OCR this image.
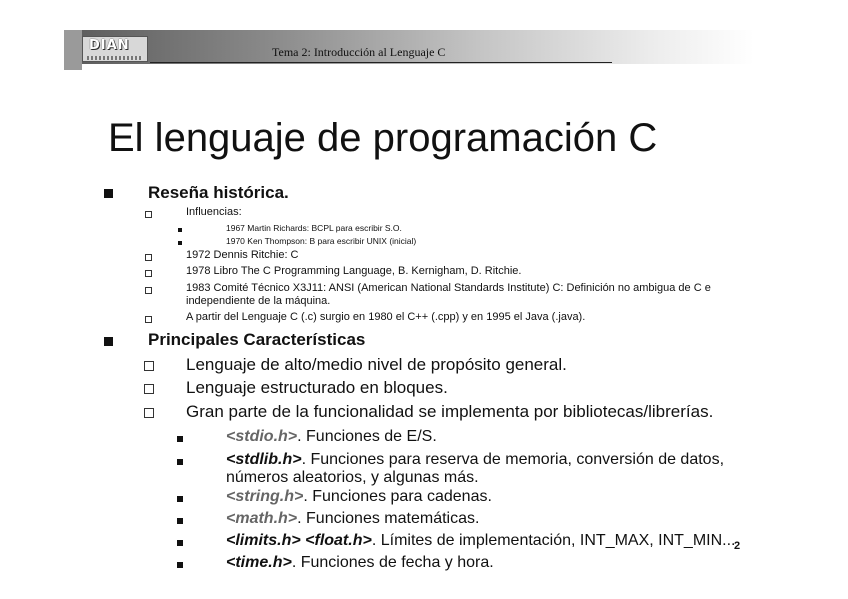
DIAN	Tema 2: Introducción al Lenguaje C
El lenguaje de programación C
Reseña histórica.
Influencias:
1967 Martin Richards: BCPL para escribir S.O.
1970 Ken Thompson: B para escribir UNIX (inicial)
1972 Dennis Ritchie: C
1978 Libro The C Programming Language, B. Kernigham, D. Ritchie.
1983 Comité Técnico X3J11: ANSI (American National Standards Institute) C: Definición no ambigua de C e
independiente de la máquina.
A partir del Lenguaje C (.c) surgio en 1980 el C++ (.cpp) y en 1995 el Java (.java).
Principales Características
Lenguaje de alto/medio nivel de propósito general.
Lenguaje estructurado en bloques.
Gran parte de la funcionalidad se implementa por bibliotecas/librerías.
<stdio.h>. Funciones de E/S.
<stdlib.h>. Funciones para reserva de memoria, conversión de datos,
números aleatorios, y algunas más.
<string.h>. Funciones para cadenas.
<math.h>. Funciones matemáticas.
<limits.h> <float.h>. Límites de implementación, INT_MAX, INT_MIN...
<time.h>. Funciones de fecha y hora.
2
